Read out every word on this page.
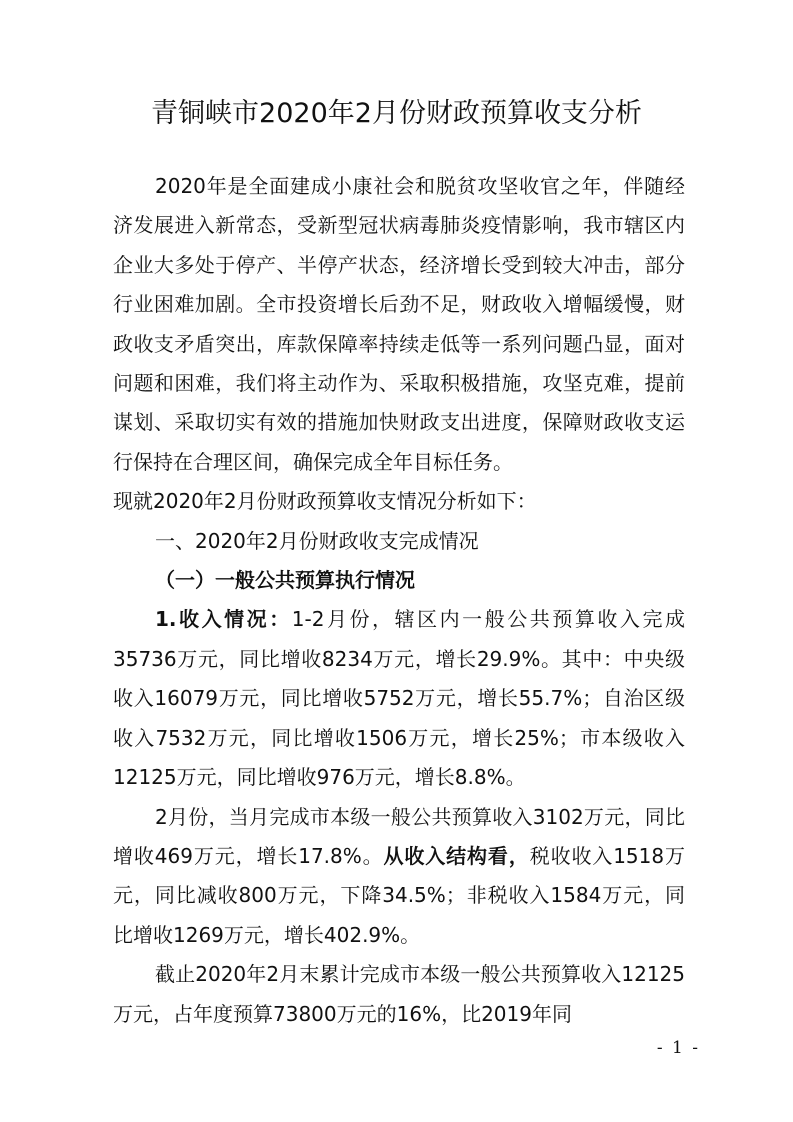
青铜峡市2020年2月份财政预算收支分析

2020年是全面建成小康社会和脱贫攻坚收官之年，伴随经济发展进入新常态，受新型冠状病毒肺炎疫情影响，我市辖区内企业大多处于停产、半停产状态，经济增长受到较大冲击，部分行业困难加剧。全市投资增长后劲不足，财政收入增幅缓慢，财政收支矛盾突出，库款保障率持续走低等一系列问题凸显，面对问题和困难，我们将主动作为、采取积极措施，攻坚克难，提前谋划、采取切实有效的措施加快财政支出进度，保障财政收支运行保持在合理区间，确保完成全年目标任务。

现就2020年2月份财政预算收支情况分析如下：

一、2020年2月份财政收支完成情况

（一）一般公共预算执行情况

1.收入情况：1-2月份，辖区内一般公共预算收入完成35736万元，同比增收8234万元，增长29.9%。其中：中央级收入16079万元，同比增收5752万元，增长55.7%；自治区级收入7532万元，同比增收1506万元，增长25%；市本级收入12125万元，同比增收976万元，增长8.8%。

2月份，当月完成市本级一般公共预算收入3102万元，同比增收469万元，增长17.8%。从收入结构看，税收收入1518万元，同比减收800万元，下降34.5%；非税收入1584万元，同比增收1269万元，增长402.9%。

截止2020年2月末累计完成市本级一般公共预算收入12125万元，占年度预算73800万元的16%，比2019年同

- 1 -
